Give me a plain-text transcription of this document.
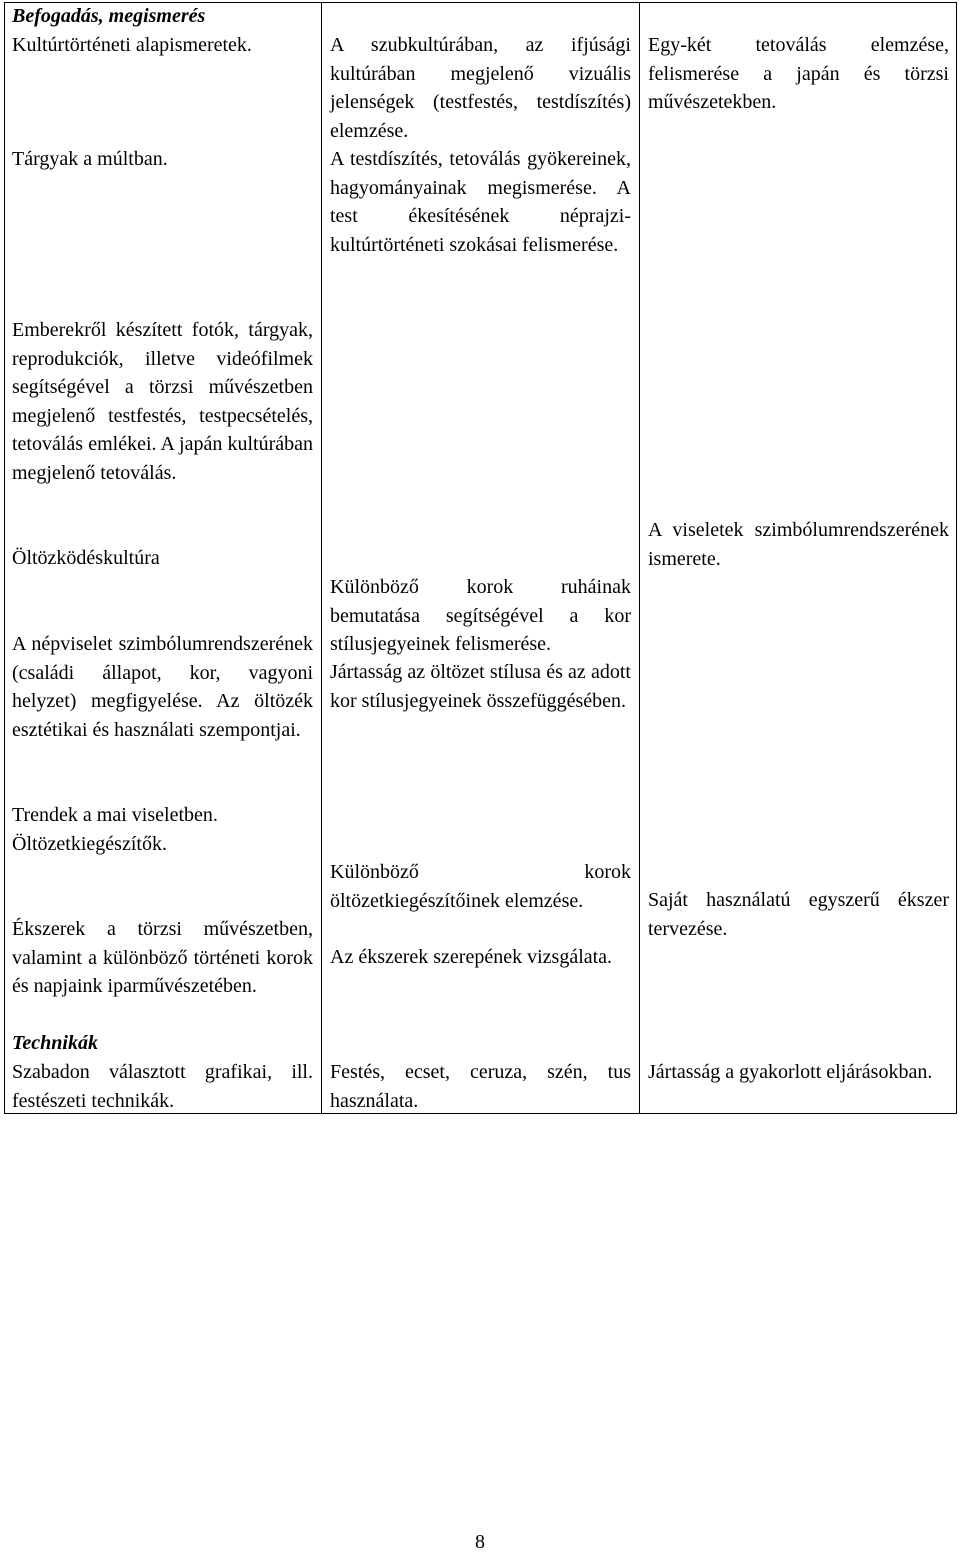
Befogadás, megismerés

Kultúrtörténeti alapismeretek.

Tárgyak a múltban.

Emberekről készített fotók, tárgyak, reprodukciók, illetve videófilmek segítségével a törzsi művészetben megjelenő testfestés, testpecsételés, tetoválás emlékei. A japán kultúrában megjelenő tetoválás.

Öltözködéskultúra

A népviselet szimbólumrendszerének (családi állapot, kor, vagyoni helyzet) megfigyelése. Az öltözék esztétikai és használati szempontjai.

Trendek a mai viseletben.

Öltözetkiegészítők.

Ékszerek a törzsi művészetben, valamint a különböző történeti korok és napjaink iparművészetében.

Technikák

Szabadon választott grafikai, ill. festészeti technikák.

A szubkultúrában, az ifjúsági kultúrában megjelenő vizuális jelenségek (testfestés, testdíszítés) elemzése.

A testdíszítés, tetoválás gyökereinek, hagyományainak megismerése. A test ékesítésének néprajzi-kultúrtörténeti szokásai felismerése.

Különböző korok ruháinak bemutatása segítségével a kor stílusjegyeinek felismerése.

Jártasság az öltözet stílusa és az adott kor stílusjegyeinek összefüggésében.

Különböző korok öltözetkiegészítőinek elemzése.

Az ékszerek szerepének vizsgálata.

Festés, ecset, ceruza, szén, tus használata.

Egy-két tetoválás elemzése, felismerése a japán és törzsi művészetekben.

A viseletek szimbólumrendszerének ismerete.

Saját használatú egyszerű ékszer tervezése.

Jártasság a gyakorlott eljárásokban.

8
